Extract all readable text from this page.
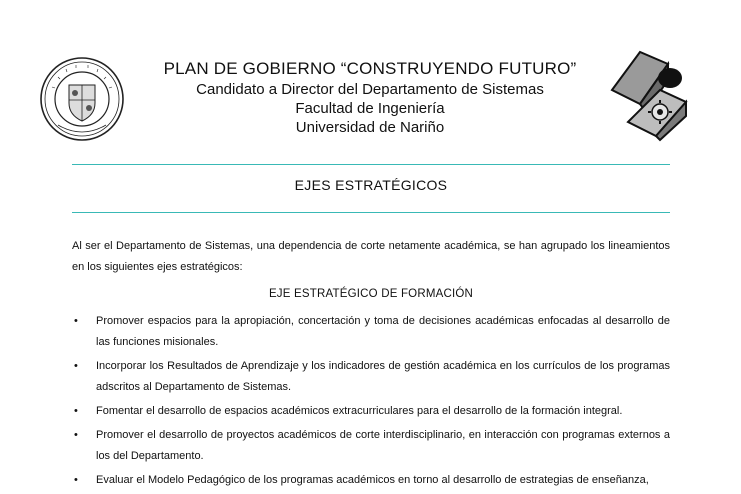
PLAN DE GOBIERNO “CONSTRUYENDO FUTURO”
Candidato a Director del Departamento de Sistemas
Facultad de Ingeniería
Universidad de Nariño
EJES ESTRATÉGICOS

Al ser el Departamento de Sistemas, una dependencia de corte netamente académica, se han agrupado los lineamientos en los siguientes ejes estratégicos:

EJE ESTRATÉGICO DE FORMACIÓN
• Promover espacios para la apropiación, concertación y toma de decisiones académicas enfocadas al desarrollo de las funciones misionales.
• Incorporar los Resultados de Aprendizaje y los indicadores de gestión académica en los currículos de los programas adscritos al Departamento de Sistemas.
• Fomentar el desarrollo de espacios académicos extracurriculares para el desarrollo de la formación integral.
• Promover el desarrollo de proyectos académicos de corte interdisciplinario, en interacción con programas externos a los del Departamento.
• Evaluar el Modelo Pedagógico de los programas académicos en torno al desarrollo de estrategias de enseñanza,
